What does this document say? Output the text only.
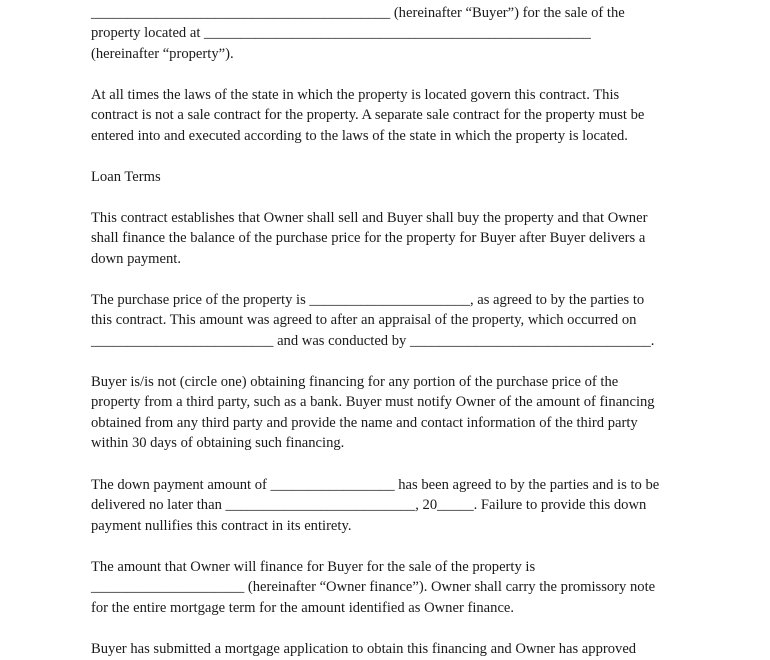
_________________________________________ (hereinafter “Buyer”) for the sale of the
property located at _____________________________________________________
(hereinafter “property”).
At all times the laws of the state in which the property is located govern this contract. This
contract is not a sale contract for the property. A separate sale contract for the property must be
entered into and executed according to the laws of the state in which the property is located.
Loan Terms
This contract establishes that Owner shall sell and Buyer shall buy the property and that Owner
shall finance the balance of the purchase price for the property for Buyer after Buyer delivers a
down payment.
The purchase price of the property is ______________________, as agreed to by the parties to
this contract. This amount was agreed to after an appraisal of the property, which occurred on
_________________________ and was conducted by _________________________________.
Buyer is/is not (circle one) obtaining financing for any portion of the purchase price of the
property from a third party, such as a bank. Buyer must notify Owner of the amount of financing
obtained from any third party and provide the name and contact information of the third party
within 30 days of obtaining such financing.
The down payment amount of _________________ has been agreed to by the parties and is to be
delivered no later than __________________________, 20_____. Failure to provide this down
payment nullifies this contract in its entirety.
The amount that Owner will finance for Buyer for the sale of the property is
_____________________ (hereinafter “Owner finance”). Owner shall carry the promissory note
for the entire mortgage term for the amount identified as Owner finance.
Buyer has submitted a mortgage application to obtain this financing and Owner has approved
